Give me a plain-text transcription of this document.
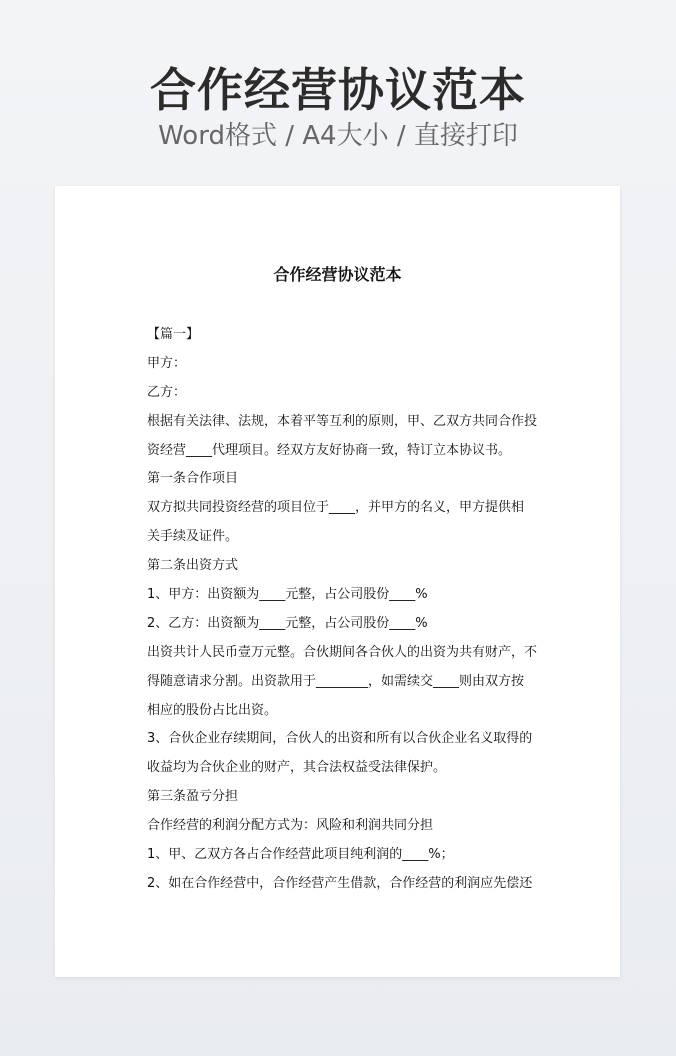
合作经营协议范本
Word格式 / A4大小 / 直接打印
合作经营协议范本
【篇一】
甲方：
乙方：
根据有关法律、法规，本着平等互利的原则，甲、乙双方共同合作投
资经营____代理项目。经双方友好协商一致，特订立本协议书。
第一条合作项目
双方拟共同投资经营的项目位于____，并甲方的名义，甲方提供相
关手续及证件。
第二条出资方式
1、甲方：出资额为____元整，占公司股份____%
2、乙方：出资额为____元整，占公司股份____%
出资共计人民币壹万元整。合伙期间各合伙人的出资为共有财产，不
得随意请求分割。出资款用于________，如需续交____则由双方按
相应的股份占比出资。
3、合伙企业存续期间，合伙人的出资和所有以合伙企业名义取得的
收益均为合伙企业的财产，其合法权益受法律保护。
第三条盈亏分担
合作经营的利润分配方式为：风险和利润共同分担
1、甲、乙双方各占合作经营此项目纯利润的____%；
2、如在合作经营中，合作经营产生借款，合作经营的利润应先偿还
